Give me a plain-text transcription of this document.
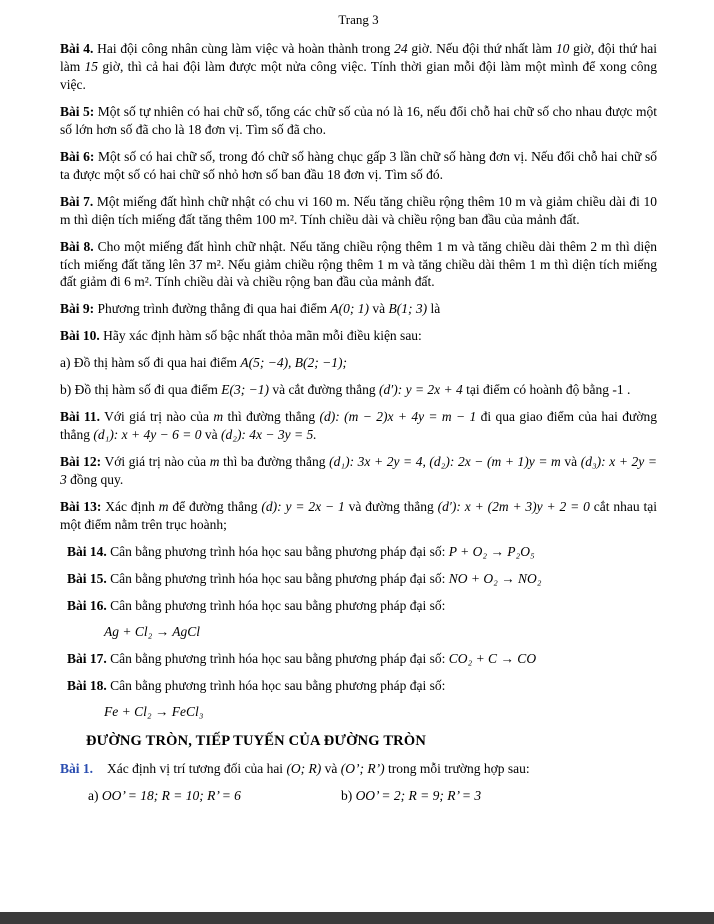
Trang 3

Bài 4. Hai đội công nhân cùng làm việc và hoàn thành trong 24 giờ. Nếu đội thứ nhất làm 10 giờ, đội thứ hai làm 15 giờ, thì cả hai đội làm được một nửa công việc. Tính thời gian mỗi đội làm một mình để xong công việc.

Bài 5: Một số tự nhiên có hai chữ số, tổng các chữ số của nó là 16, nếu đổi chỗ hai chữ số cho nhau được một số lớn hơn số đã cho là 18 đơn vị. Tìm số đã cho.

Bài 6: Một số có hai chữ số, trong đó chữ số hàng chục gấp 3 lần chữ số hàng đơn vị. Nếu đổi chỗ hai chữ số ta được một số có hai chữ số nhỏ hơn số ban đầu 18 đơn vị. Tìm số đó.

Bài 7. Một miếng đất hình chữ nhật có chu vi 160 m. Nếu tăng chiều rộng thêm 10 m và giảm chiều dài đi 10 m thì diện tích miếng đất tăng thêm 100 m². Tính chiều dài và chiều rộng ban đầu của mảnh đất.

Bài 8. Cho một miếng đất hình chữ nhật. Nếu tăng chiều rộng thêm 1 m và tăng chiều dài thêm 2 m thì diện tích miếng đất tăng lên 37 m². Nếu giảm chiều rộng thêm 1 m và tăng chiều dài thêm 1 m thì diện tích miếng đất giảm đi 6 m². Tính chiều dài và chiều rộng ban đầu của mảnh đất.

Bài 9: Phương trình đường thẳng đi qua hai điểm A(0; 1) và B(1; 3) là

Bài 10. Hãy xác định hàm số bậc nhất thỏa mãn mỗi điều kiện sau:

a) Đồ thị hàm số đi qua hai điểm A(5; −4), B(2; −1);

b) Đồ thị hàm số đi qua điểm E(3; −1) và cắt đường thẳng (d′): y = 2x + 4 tại điểm có hoành độ bằng -1 .

Bài 11. Với giá trị nào của m thì đường thẳng (d): (m − 2)x + 4y = m − 1 đi qua giao điểm của hai đường thẳng (d₁): x + 4y − 6 = 0 và (d₂): 4x − 3y = 5.

Bài 12: Với giá trị nào của m thì ba đường thẳng (d₁): 3x + 2y = 4, (d₂): 2x − (m + 1)y = m và (d₃): x + 2y = 3 đồng quy.

Bài 13: Xác định m để đường thẳng (d): y = 2x − 1 và đường thẳng (d′): x + (2m + 3)y + 2 = 0 cắt nhau tại một điểm nằm trên trục hoành;

Bài 14. Cân bằng phương trình hóa học sau bằng phương pháp đại số: P + O₂ → P₂O₅

Bài 15. Cân bằng phương trình hóa học sau bằng phương pháp đại số: NO + O₂ → NO₂

Bài 16. Cân bằng phương trình hóa học sau bằng phương pháp đại số:

Ag + Cl₂ → AgCl

Bài 17. Cân bằng phương trình hóa học sau bằng phương pháp đại số: CO₂ + C → CO

Bài 18. Cân bằng phương trình hóa học sau bằng phương pháp đại số:

Fe + Cl₂ → FeCl₃

ĐƯỜNG TRÒN, TIẾP TUYẾN CỦA ĐƯỜNG TRÒN

Bài 1. Xác định vị trí tương đối của hai (O; R) và (O’; R’) trong mỗi trường hợp sau:

a) OO’ = 18; R = 10; R’ = 6	b) OO’ = 2; R = 9; R’ = 3
